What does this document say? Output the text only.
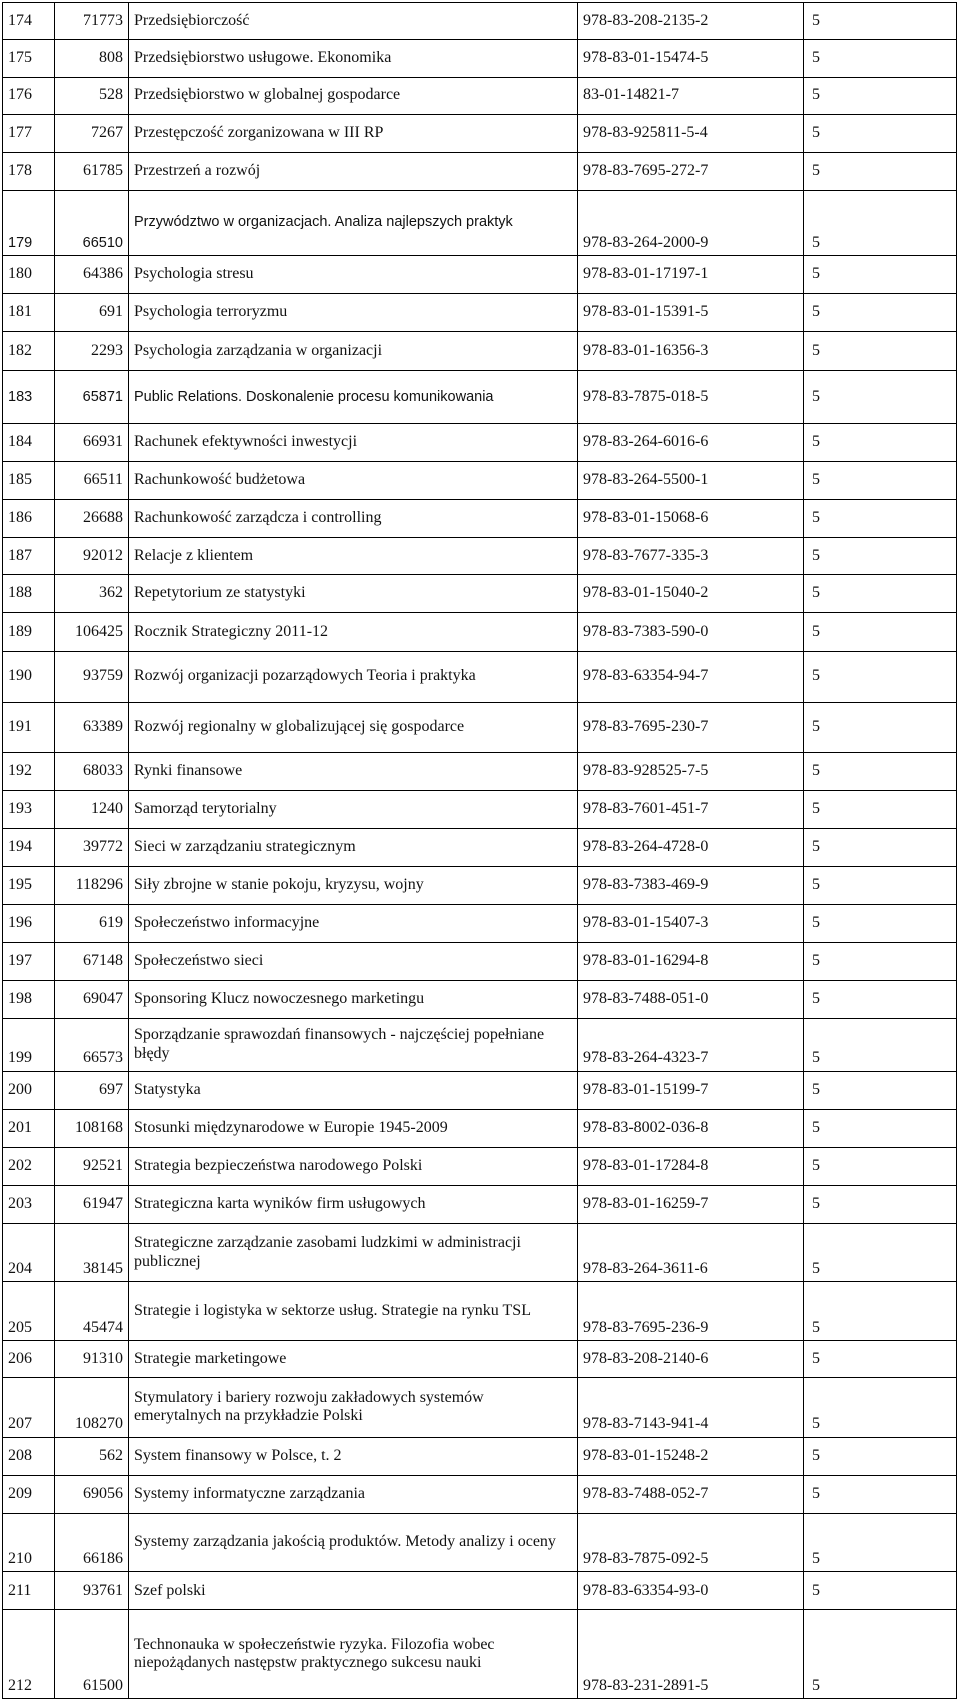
174	71773	Przedsiębiorczość	978-83-208-2135-2	5
175	808	Przedsiębiorstwo usługowe. Ekonomika	978-83-01-15474-5	5
176	528	Przedsiębiorstwo w globalnej gospodarce	83-01-14821-7	5
177	7267	Przestępczość zorganizowana w III RP	978-83-925811-5-4	5
178	61785	Przestrzeń a rozwój	978-83-7695-272-7	5
179	66510	Przywództwo w organizacjach. Analiza najlepszych praktyk	978-83-264-2000-9	5
180	64386	Psychologia stresu	978-83-01-17197-1	5
181	691	Psychologia terroryzmu	978-83-01-15391-5	5
182	2293	Psychologia zarządzania w organizacji	978-83-01-16356-3	5
183	65871	Public Relations. Doskonalenie procesu komunikowania	978-83-7875-018-5	5
184	66931	Rachunek efektywności inwestycji	978-83-264-6016-6	5
185	66511	Rachunkowość budżetowa	978-83-264-5500-1	5
186	26688	Rachunkowość zarządcza i controlling	978-83-01-15068-6	5
187	92012	Relacje z klientem	978-83-7677-335-3	5
188	362	Repetytorium ze statystyki	978-83-01-15040-2	5
189	106425	Rocznik Strategiczny 2011-12	978-83-7383-590-0	5
190	93759	Rozwój organizacji pozarządowych Teoria i praktyka	978-83-63354-94-7	5
191	63389	Rozwój regionalny w globalizującej się gospodarce	978-83-7695-230-7	5
192	68033	Rynki finansowe	978-83-928525-7-5	5
193	1240	Samorząd terytorialny	978-83-7601-451-7	5
194	39772	Sieci w zarządzaniu strategicznym	978-83-264-4728-0	5
195	118296	Siły zbrojne w stanie pokoju, kryzysu, wojny	978-83-7383-469-9	5
196	619	Społeczeństwo informacyjne	978-83-01-15407-3	5
197	67148	Społeczeństwo sieci	978-83-01-16294-8	5
198	69047	Sponsoring Klucz nowoczesnego marketingu	978-83-7488-051-0	5
199	66573	Sporządzanie sprawozdań finansowych - najczęściej popełniane błędy	978-83-264-4323-7	5
200	697	Statystyka	978-83-01-15199-7	5
201	108168	Stosunki międzynarodowe w Europie 1945-2009	978-83-8002-036-8	5
202	92521	Strategia bezpieczeństwa narodowego Polski	978-83-01-17284-8	5
203	61947	Strategiczna karta wyników firm usługowych	978-83-01-16259-7	5
204	38145	Strategiczne zarządzanie zasobami ludzkimi w administracji publicznej	978-83-264-3611-6	5
205	45474	Strategie i logistyka w sektorze usług. Strategie na rynku TSL	978-83-7695-236-9	5
206	91310	Strategie marketingowe	978-83-208-2140-6	5
207	108270	Stymulatory i bariery rozwoju zakładowych systemów emerytalnych na przykładzie Polski	978-83-7143-941-4	5
208	562	System finansowy w Polsce, t. 2	978-83-01-15248-2	5
209	69056	Systemy informatyczne zarządzania	978-83-7488-052-7	5
210	66186	Systemy zarządzania jakością produktów. Metody analizy i oceny	978-83-7875-092-5	5
211	93761	Szef polski	978-83-63354-93-0	5
212	61500	Technonauka w społeczeństwie ryzyka. Filozofia wobec niepożądanych następstw praktycznego sukcesu nauki	978-83-231-2891-5	5
